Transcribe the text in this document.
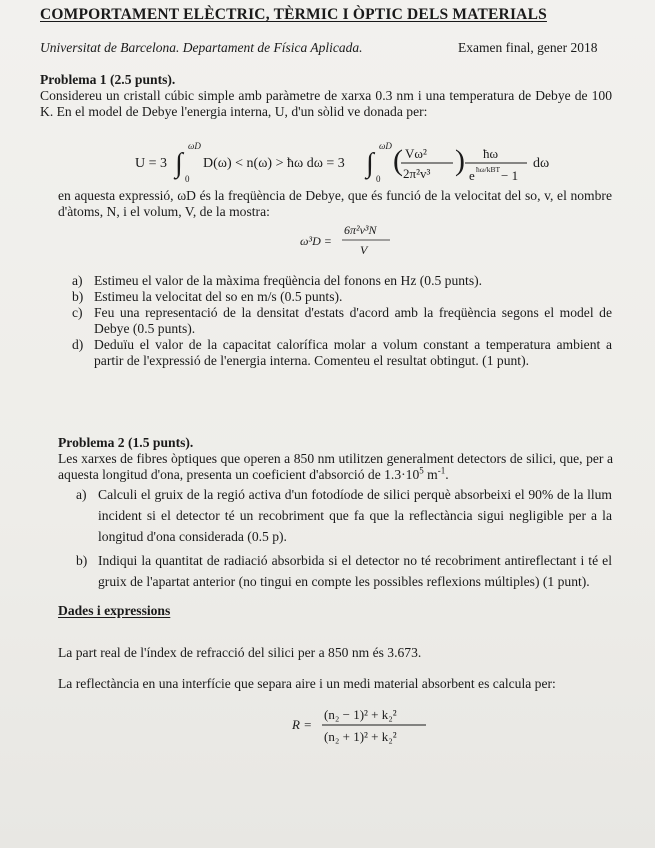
COMPORTAMENT ELÈCTRIC, TÈRMIC I ÒPTIC DELS MATERIALS
Universitat de Barcelona. Departament de Física Aplicada.	Examen final, gener 2018
Problema 1 (2.5 punts).
Considereu un cristall cúbic simple amb paràmetre de xarxa 0.3 nm i una temperatura de Debye de 100 K. En el model de Debye l'energia interna, U, d'un sòlid ve donada per:
U = 3 ∫
ωD
0
D(ω) < n(ω) > ħω dω = 3 ∫
ωD
0
( Vω²
2π²v³ ) ħω
e ħω/kBT − 1
dω
en aquesta expressió, ωD és la freqüència de Debye, que és funció de la velocitat del so, v, el nombre d'àtoms, N, i el volum, V, de la mostra:
ω³D =
6π²v³N
V
a) Estimeu el valor de la màxima freqüència del fonons en Hz (0.5 punts).
b) Estimeu la velocitat del so en m/s (0.5 punts).
c) Feu una representació de la densitat d'estats d'acord amb la freqüència segons el model de Debye (0.5 punts).
d) Deduïu el valor de la capacitat calorífica molar a volum constant a temperatura ambient a partir de l'expressió de l'energia interna. Comenteu el resultat obtingut. (1 punt).
Problema 2 (1.5 punts).
Les xarxes de fibres òptiques que operen a 850 nm utilitzen generalment detectors de silici, que, per a aquesta longitud d'ona, presenta un coeficient d'absorció de $1.3\cdot 10^5$ $m^{-1}$.
a) Calculi el gruix de la regió activa d'un fotodíode de silici perquè absorbeixi el 90% de la llum incident si el detector té un recobriment que fa que la reflectància sigui negligible per a la longitud d'ona considerada (0.5 p).
b) Indiqui la quantitat de radiació absorbida si el detector no té recobriment antireflectant i té el gruix de l'apartat anterior (no tingui en compte les possibles reflexions múltiples) (1 punt).
Dades i expressions
La part real de l'índex de refracció del silici per a 850 nm és 3.673.
La reflectància en una interfície que separa aire i un medi material absorbent es calcula per:
R =
(n₂ − 1)² + k₂²
(n₂ + 1)² + k₂²
